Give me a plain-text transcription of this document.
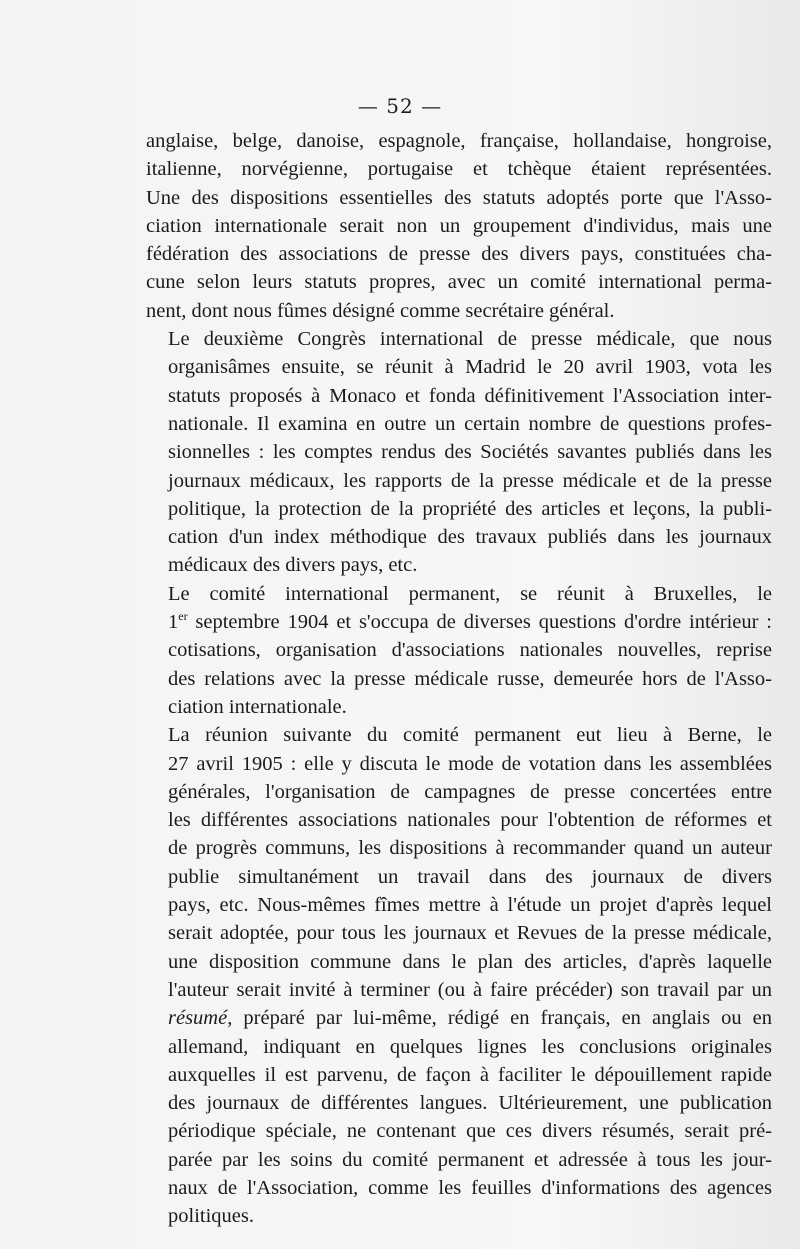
— 52 —

anglaise, belge, danoise, espagnole, française, hollandaise, hongroise,
italienne, norvégienne, portugaise et tchèque étaient représentées.
Une des dispositions essentielles des statuts adoptés porte que l'Asso-
ciation internationale serait non un groupement d'individus, mais une
fédération des associations de presse des divers pays, constituées cha-
cune selon leurs statuts propres, avec un comité international perma-
nent, dont nous fûmes désigné comme secrétaire général.

Le deuxième Congrès international de presse médicale, que nous
organisâmes ensuite, se réunit à Madrid le 20 avril 1903, vota les
statuts proposés à Monaco et fonda définitivement l'Association inter-
nationale. Il examina en outre un certain nombre de questions profes-
sionnelles : les comptes rendus des Sociétés savantes publiés dans les
journaux médicaux, les rapports de la presse médicale et de la presse
politique, la protection de la propriété des articles et leçons, la publi-
cation d'un index méthodique des travaux publiés dans les journaux
médicaux des divers pays, etc.

Le comité international permanent, se réunit à Bruxelles, le
1er septembre 1904 et s'occupa de diverses questions d'ordre intérieur :
cotisations, organisation d'associations nationales nouvelles, reprise
des relations avec la presse médicale russe, demeurée hors de l'Asso-
ciation internationale.

La réunion suivante du comité permanent eut lieu à Berne, le
27 avril 1905 : elle y discuta le mode de votation dans les assemblées
générales, l'organisation de campagnes de presse concertées entre
les différentes associations nationales pour l'obtention de réformes et
de progrès communs, les dispositions à recommander quand un auteur
publie simultanément un travail dans des journaux de divers
pays, etc. Nous-mêmes fîmes mettre à l'étude un projet d'après lequel
serait adoptée, pour tous les journaux et Revues de la presse médicale,
une disposition commune dans le plan des articles, d'après laquelle
l'auteur serait invité à terminer (ou à faire précéder) son travail par un
résumé, préparé par lui-même, rédigé en français, en anglais ou en
allemand, indiquant en quelques lignes les conclusions originales
auxquelles il est parvenu, de façon à faciliter le dépouillement rapide
des journaux de différentes langues. Ultérieurement, une publication
périodique spéciale, ne contenant que ces divers résumés, serait pré-
parée par les soins du comité permanent et adressée à tous les jour-
naux de l'Association, comme les feuilles d'informations des agences
politiques.
